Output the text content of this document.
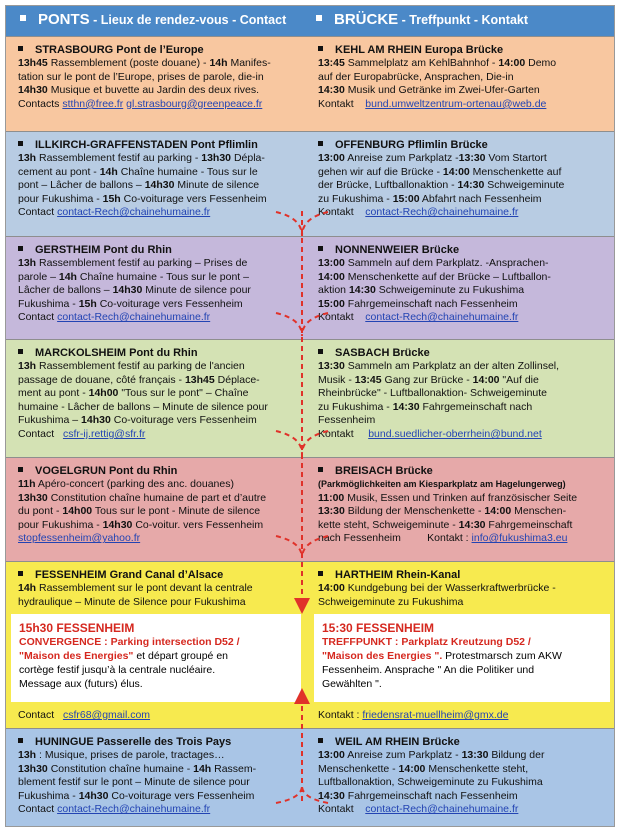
PONTS - Lieux de rendez-vous - Contact	BRÜCKE - Treffpunkt - Kontakt
STRASBOURG Pont de l’Europe
13h45 Rassemblement (poste douane) - 14h Manifes-
tation sur le pont de l’Europe, prises de parole, die-in
14h30 Musique et buvette au Jardin des deux rives.
Contacts stthn@free.fr gl.strasbourg@greenpeace.fr
KEHL AM RHEIN Europa Brücke
13:45 Sammelplatz am KehlBahnhof - 14:00 Demo
auf der Europabrücke, Ansprachen, Die-in
14:30 Musik und Getränke im Zwei-Ufer-Garten
Kontakt bund.umweltzentrum-ortenau@web.de
ILLKIRCH-GRAFFENSTADEN Pont Pflimlin
13h Rassemblement festif au parking - 13h30 Dépla-
cement au pont - 14h Chaîne humaine - Tous sur le
pont – Lâcher de ballons – 14h30 Minute de silence
pour Fukushima - 15h Co-voiturage vers Fessenheim
Contact contact-Rech@chainehumaine.fr
OFFENBURG Pflimlin Brücke
13:00 Anreise zum Parkplatz -13:30 Vom Startort
gehen wir auf die Brücke - 14:00 Menschenkette auf
der Brücke, Luftballonaktion - 14:30 Schweigeminute
zu Fukushima - 15:00 Abfahrt nach Fessenheim
Kontakt contact-Rech@chainehumaine.fr
GERSTHEIM Pont du Rhin
13h Rassemblement festif au parking – Prises de
parole – 14h Chaîne humaine - Tous sur le pont –
Lâcher de ballons – 14h30 Minute de silence pour
Fukushima - 15h Co-voiturage vers Fessenheim
Contact contact-Rech@chainehumaine.fr
NONNENWEIER Brücke
13:00 Sammeln auf dem Parkplatz. -Ansprachen-
14:00 Menschenkette auf der Brücke – Luftballon-
aktion 14:30 Schweigeminute zu Fukushima
15:00 Fahrgemeinschaft nach Fessenheim
Kontakt contact-Rech@chainehumaine.fr
MARCKOLSHEIM Pont du Rhin
13h Rassemblement festif au parking de l'ancien
passage de douane, côté français - 13h45 Déplace-
ment au pont - 14h00 "Tous sur le pont" – Chaîne
humaine - Lâcher de ballons – Minute de silence pour
Fukushima – 14h30 Co-voiturage vers Fessenheim
Contact csfr-ij.rettig@sfr.fr
SASBACH Brücke
13:30 Sammeln am Parkplatz an der alten Zollinsel,
Musik - 13:45 Gang zur Brücke - 14:00 "Auf die
Rheinbrücke" - Luftballonaktion- Schweigeminute
zu Fukushima - 14:30 Fahrgemeinschaft nach
Fessenheim
Kontakt bund.suedlicher-oberrhein@bund.net
VOGELGRUN Pont du Rhin
11h Apéro-concert (parking des anc. douanes)
13h30 Constitution chaîne humaine de part et d’autre
du pont - 14h00 Tous sur le pont - Minute de silence
pour Fukushima - 14h30 Co-voitur. vers Fessenheim
stopfessenheim@yahoo.fr
BREISACH Brücke
(Parkmöglichkeiten am Kiesparkplatz am Hagelungerweg)
11:00 Musik, Essen und Trinken auf französischer Seite
13:30 Bildung der Menschenkette - 14:00 Menschen-
kette steht, Schweigeminute - 14:30 Fahrgemeinschaft
nach Fessenheim	Kontakt : info@fukushima3.eu
FESSENHEIM Grand Canal d’Alsace
14h Rassemblement sur le pont devant la centrale
hydraulique – Minute de Silence pour Fukushima
HARTHEIM Rhein-Kanal
14:00 Kundgebung bei der Wasserkraftwerbrücke -
Schweigeminute zu Fukushima
15h30 FESSENHEIM
CONVERGENCE : Parking intersection D52 /
"Maison des Energies" et départ groupé en
cortège festif jusqu’à la centrale nucléaire.
Message aux (futurs) élus.
15:30 FESSENHEIM
TREFFPUNKT : Parkplatz Kreutzung D52 /
"Maison des Energies ". Protestmarsch zum AKW
Fessenheim. Ansprache " An die Politiker und
Gewählten ".
Contact csfr68@gmail.com	Kontakt : friedensrat-muellheim@gmx.de
HUNINGUE Passerelle des Trois Pays
13h : Musique, prises de parole, tractages…
13h30 Constitution chaîne humaine - 14h Rassem-
blement festif sur le pont – Minute de silence pour
Fukushima - 14h30 Co-voiturage vers Fessenheim
Contact contact-Rech@chainehumaine.fr
WEIL AM RHEIN Brücke
13:00 Anreise zum Parkplatz - 13:30 Bildung der
Menschenkette - 14:00 Menschenkette steht,
Luftballonaktion, Schweigeminute zu Fukushima
14:30 Fahrgemeinschaft nach Fessenheim
Kontakt contact-Rech@chainehumaine.fr
